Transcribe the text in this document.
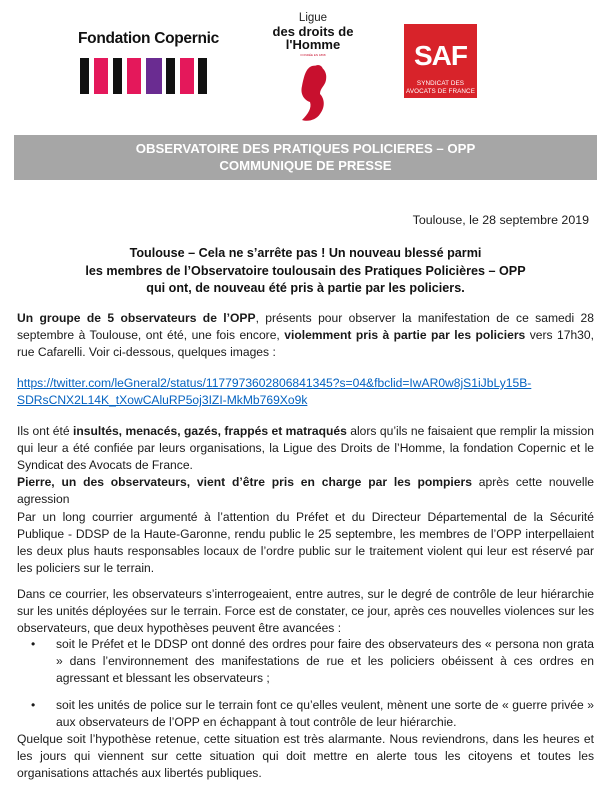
Fondation Copernic
Ligue
des droits de
l'Homme
FONDÉE EN 1898	SAF
SYNDICAT DES
AVOCATS DE FRANCE
OBSERVATOIRE DES PRATIQUES POLICIERES – OPP
COMMUNIQUE DE PRESSE
Toulouse, le 28 septembre 2019
Toulouse – Cela ne s’arrête pas ! Un nouveau blessé parmi
les membres de l’Observatoire toulousain des Pratiques Policières – OPP
qui ont, de nouveau été pris à partie par les policiers.
Un groupe de 5 observateurs de l’OPP, présents pour observer la manifestation de ce samedi 28 septembre à Toulouse, ont été, une fois encore, violemment pris à partie par les policiers vers 17h30, rue Cafarelli. Voir ci-dessous, quelques images :
https://twitter.com/leGneral2/status/1177973602806841345?s=04&fbclid=IwAR0w8jS1iJbLy15B-
SDRsCNX2L14K_tXowCAluRP5oj3IZI-MkMb769Xo9k
Ils ont été insultés, menacés, gazés, frappés et matraqués alors qu’ils ne faisaient que remplir la mission qui leur a été confiée par leurs organisations, la Ligue des Droits de l’Homme, la fondation Copernic et le Syndicat des Avocats de France.
Pierre, un des observateurs, vient d’être pris en charge par les pompiers après cette nouvelle agression
Par un long courrier argumenté à l’attention du Préfet et du Directeur Départemental de la Sécurité Publique - DDSP de la Haute-Garonne, rendu public le 25 septembre, les membres de l’OPP interpellaient les deux plus hauts responsables locaux de l’ordre public sur le traitement violent qui leur est réservé par les policiers sur le terrain.
Dans ce courrier, les observateurs s’interrogeaient, entre autres, sur le degré de contrôle de leur hiérarchie sur les unités déployées sur le terrain. Force est de constater, ce jour, après ces nouvelles violences sur les observateurs, que deux hypothèses peuvent être avancées :
• soit le Préfet et le DDSP ont donné des ordres pour faire des observateurs des « persona non grata » dans l’environnement des manifestations de rue et les policiers obéissent à ces ordres en agressant et blessant les observateurs ;
• soit les unités de police sur le terrain font ce qu’elles veulent, mènent une sorte de « guerre privée » aux observateurs de l’OPP en échappant à tout contrôle de leur hiérarchie.
Quelque soit l’hypothèse retenue, cette situation est très alarmante. Nous reviendrons, dans les heures et les jours qui viennent sur cette situation qui doit mettre en alerte tous les citoyens et toutes les organisations attachés aux libertés publiques.
